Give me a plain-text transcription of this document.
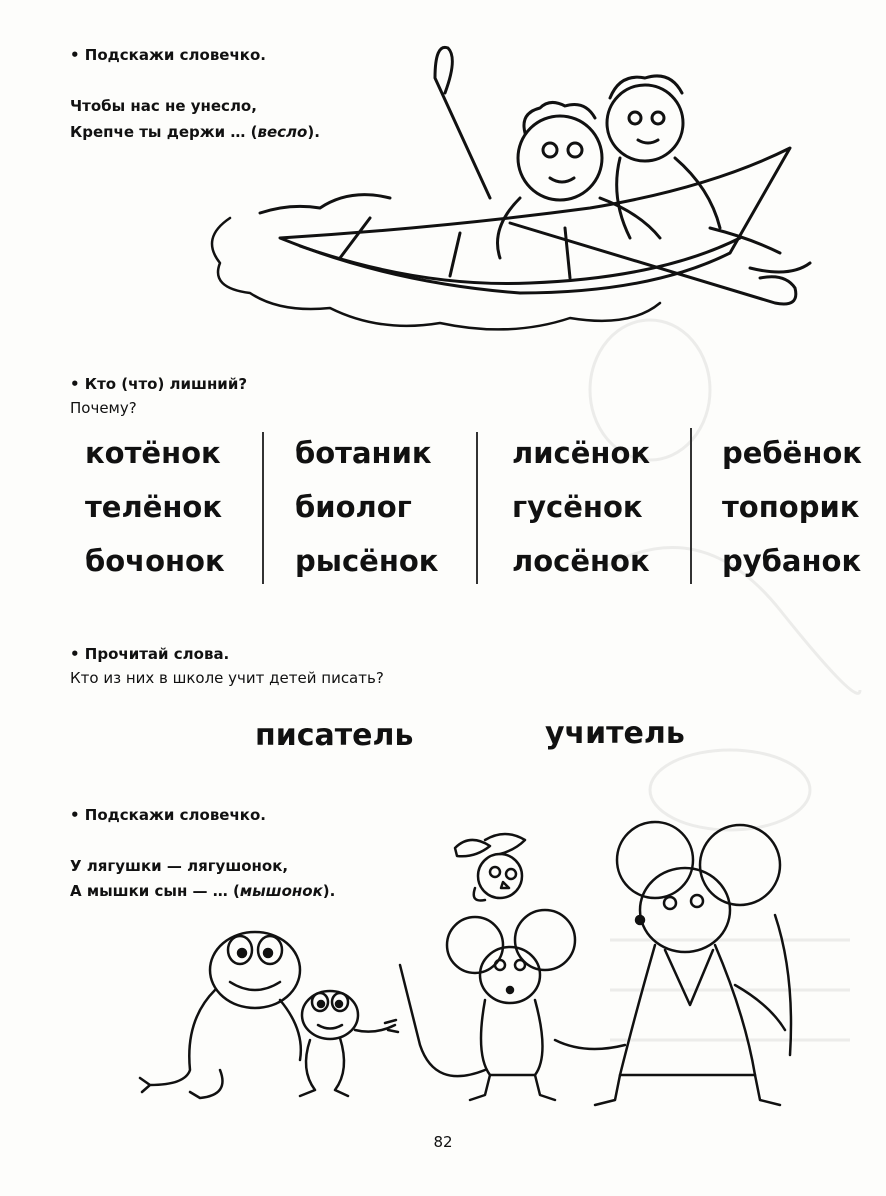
• Подскажи словечко.
Чтобы нас не унесло,
Крепче ты держи … (весло).
• Кто (что) лишний?
Почему?
котёнок
телёнок
бочонок
ботаник
биолог
рысёнок
лисёнок
гусёнок
лосёнок
ребёнок
топорик
рубанок
• Прочитай слова.
Кто из них в школе учит детей писать?
писатель	учитель
• Подскажи словечко.
У лягушки — лягушонок,
А мышки сын — … (мышонок).
82
